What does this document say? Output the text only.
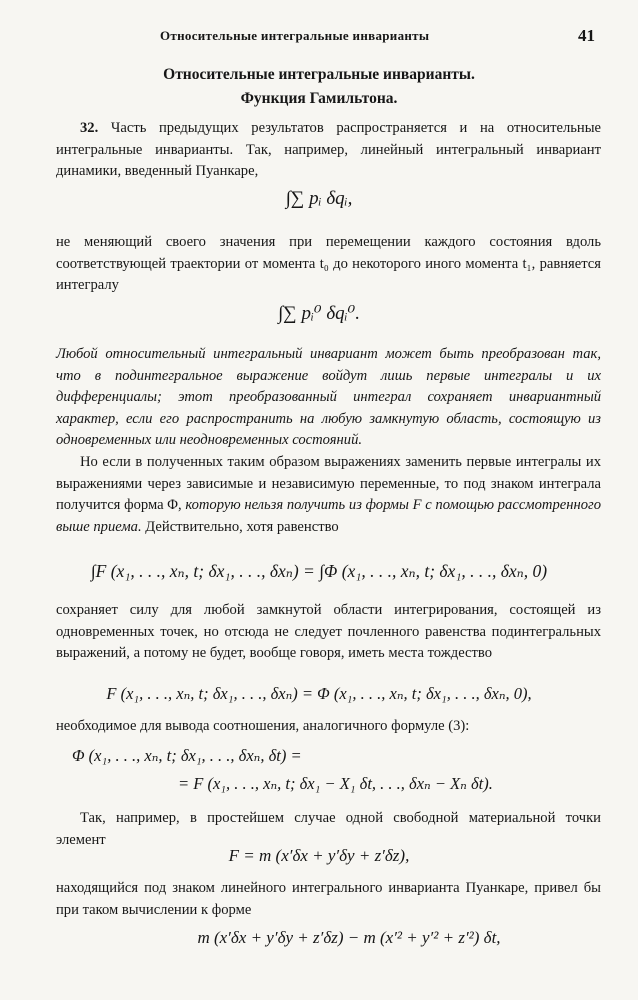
Относительные интегральные инварианты	41
Относительные интегральные инварианты.
Функция Гамильтона.
32. Часть предыдущих результатов распространяется и на относительные интегральные инварианты. Так, например, линейный интегральный инвариант динамики, введенный Пуанкаре,
∫∑ pᵢ δqᵢ,
не меняющий своего значения при перемещении каждого состояния вдоль соответствующей траектории от момента t₀ до некоторого иного момента t₁, равняется интегралу
∫∑ pᵢ⁰ δqᵢ⁰.
Любой относительный интегральный инвариант может быть преобразован так, что в подинтегральное выражение войдут лишь первые интегралы и их дифференциалы; этот преобразованный интеграл сохраняет инвариантный характер, если его распространить на любую замкнутую область, состоящую из одновременных или неодновременных состояний.
Но если в полученных таким образом выражениях заменить первые интегралы их выражениями через зависимые и независимую переменные, то под знаком интеграла получится форма Φ, которую нельзя получить из формы F с помощью рассмотренного выше приема. Действительно, хотя равенство
∫F (x₁, . . ., xₙ, t; δx₁, . . ., δxₙ) = ∫Φ (x₁, . . ., xₙ, t; δx₁, . . ., δxₙ, 0)
сохраняет силу для любой замкнутой области интегрирования, состоящей из одновременных точек, но отсюда не следует почленного равенства подинтегральных выражений, а потому не будет, вообще говоря, иметь места тождество
F (x₁, . . ., xₙ, t; δx₁, . . ., δxₙ) = Φ (x₁, . . ., xₙ, t; δx₁, . . ., δxₙ, 0),
необходимое для вывода соотношения, аналогичного формуле (3):
Φ (x₁, . . ., xₙ, t; δx₁, . . ., δxₙ, δt) =
= F (x₁, . . ., xₙ, t; δx₁ − X₁ δt, . . ., δxₙ − Xₙ δt).
Так, например, в простейшем случае одной свободной материальной точки элемент
F = m (x′δx + y′δy + z′δz),
находящийся под знаком линейного интегрального инварианта Пуанкаре, привел бы при таком вычислении к форме
m (x′δx + y′δy + z′δz) − m (x′² + y′² + z′²) δt,
